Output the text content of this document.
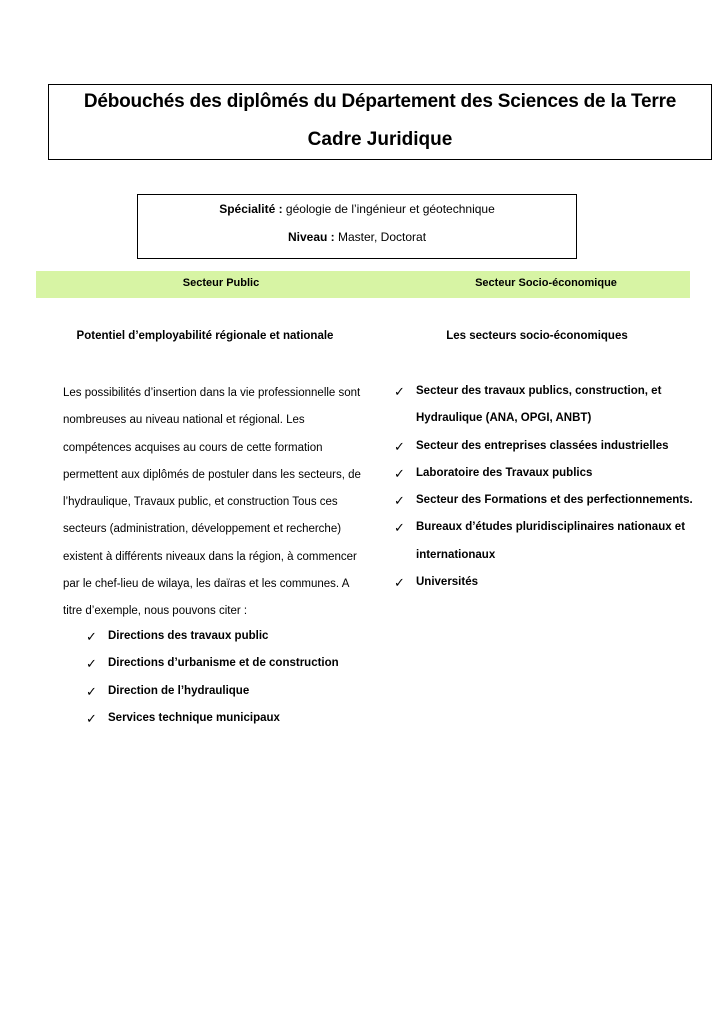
Débouchés des diplômés du Département des Sciences de la Terre
Cadre Juridique
Spécialité : géologie de l’ingénieur et géotechnique
Niveau : Master, Doctorat
Secteur Public	Secteur Socio-économique
Potentiel d’employabilité régionale et nationale	Les secteurs socio-économiques

Les possibilités d’insertion dans la vie professionnelle sont nombreuses au niveau national et régional. Les compétences acquises au cours de cette formation permettent aux diplômés de postuler dans les secteurs, de l’hydraulique, Travaux public, et construction Tous ces secteurs (administration, développement et recherche) existent à différents niveaux dans la région, à commencer par le chef-lieu de wilaya, les daïras et les communes. A titre d’exemple, nous pouvons citer :

✓ Directions des travaux public
✓ Directions d’urbanisme et de construction
✓ Direction de l’hydraulique
✓ Services technique municipaux
✓ Secteur des travaux publics, construction, et Hydraulique (ANA, OPGI, ANBT)
✓ Secteur des entreprises classées industrielles
✓ Laboratoire des Travaux publics
✓ Secteur des Formations et des perfectionnements.
✓ Bureaux d’études pluridisciplinaires nationaux et internationaux
✓ Universités
